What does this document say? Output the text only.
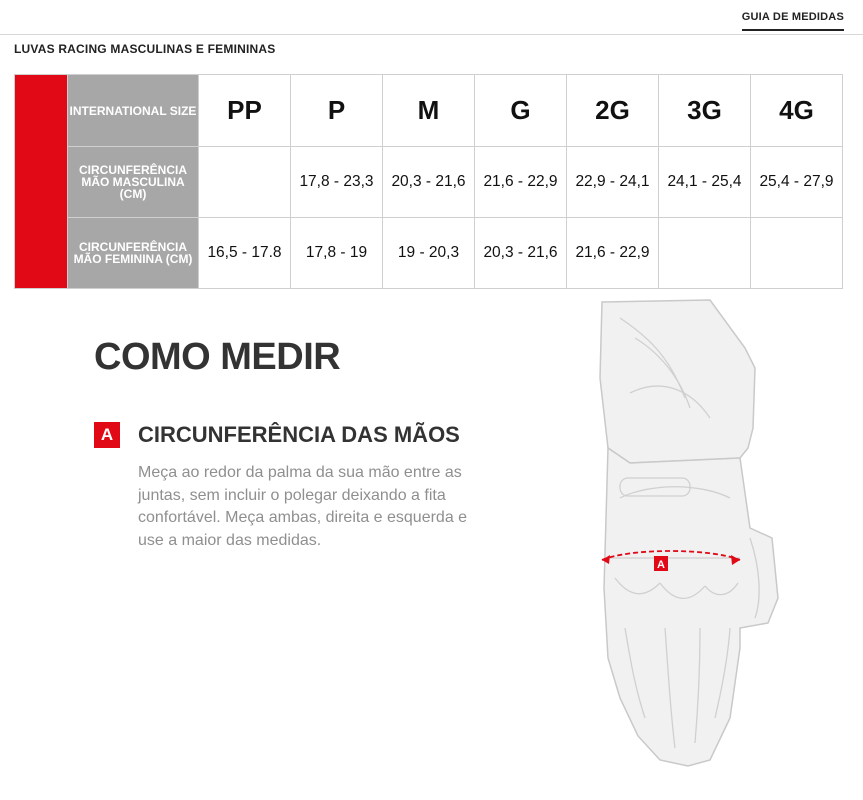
GUIA DE MEDIDAS
LUVAS RACING MASCULINAS E FEMININAS
	INTERNATIONAL SIZE	PP	P	M	G	2G	3G	4G
	CIRCUNFERÊNCIA MÃO MASCULINA (CM)		17,8 - 23,3	20,3 - 21,6	21,6 - 22,9	22,9 - 24,1	24,1 - 25,4	25,4 - 27,9
	CIRCUNFERÊNCIA MÃO FEMININA (CM)	16,5 - 17.8	17,8 - 19	19 - 20,3	20,3 - 21,6	21,6 - 22,9		
COMO MEDIR
A	CIRCUNFERÊNCIA DAS MÃOS
Meça ao redor da palma da sua mão entre as juntas, sem incluir o polegar deixando a fita confortável. Meça ambas, direita e esquerda e use a maior das medidas.
A
